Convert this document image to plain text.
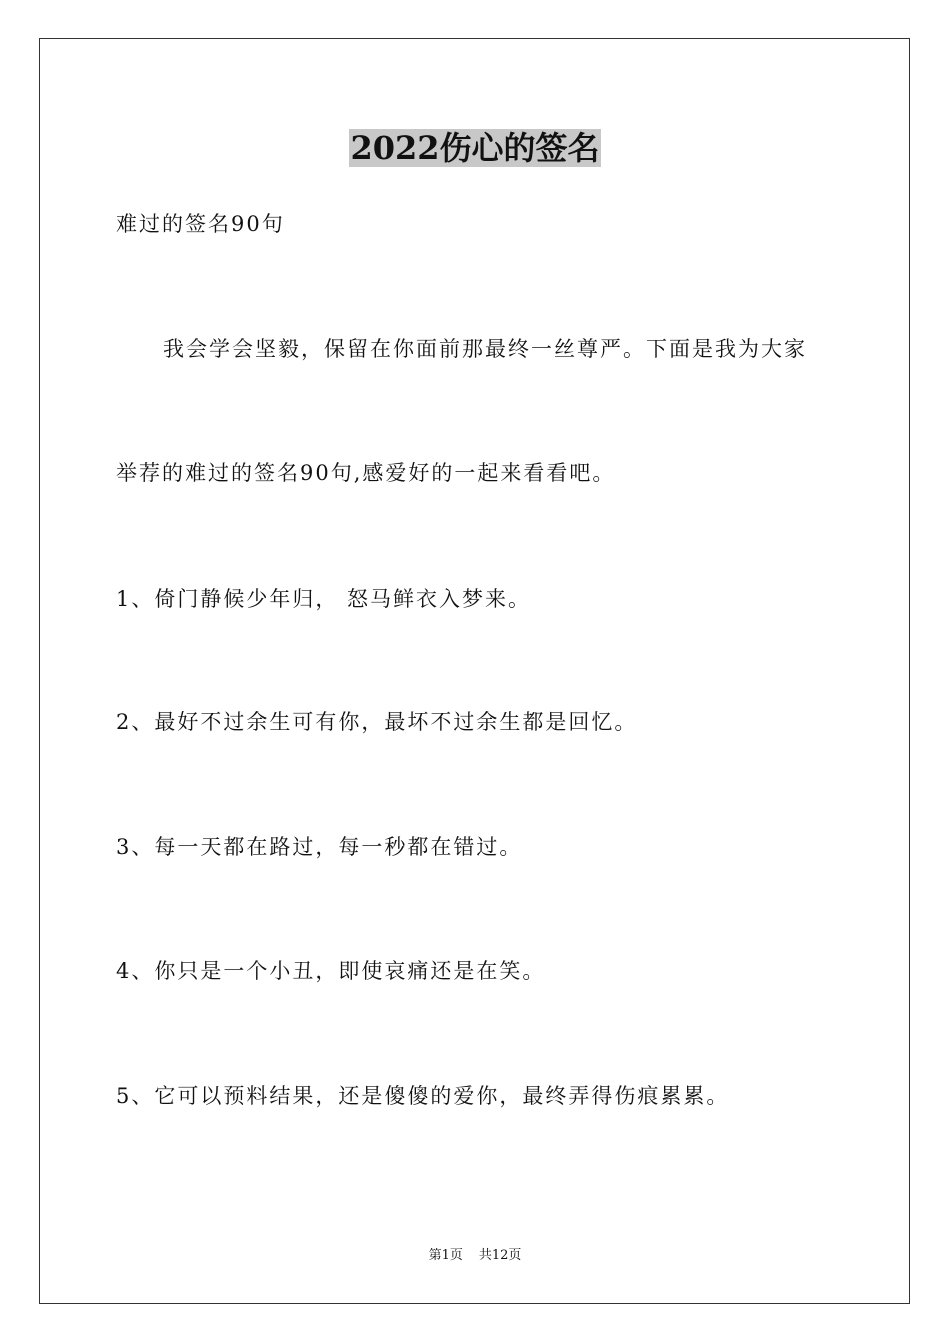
2022伤心的签名
难过的签名90句
我会学会坚毅，保留在你面前那最终一丝尊严。下面是我为大家
举荐的难过的签名90句,感爱好的一起来看看吧。
1、倚门静候少年归， 怒马鲜衣入梦来。
2、最好不过余生可有你，最坏不过余生都是回忆。
3、每一天都在路过，每一秒都在错过。
4、你只是一个小丑，即使哀痛还是在笑。
5、它可以预料结果，还是傻傻的爱你，最终弄得伤痕累累。
第1页 共12页
